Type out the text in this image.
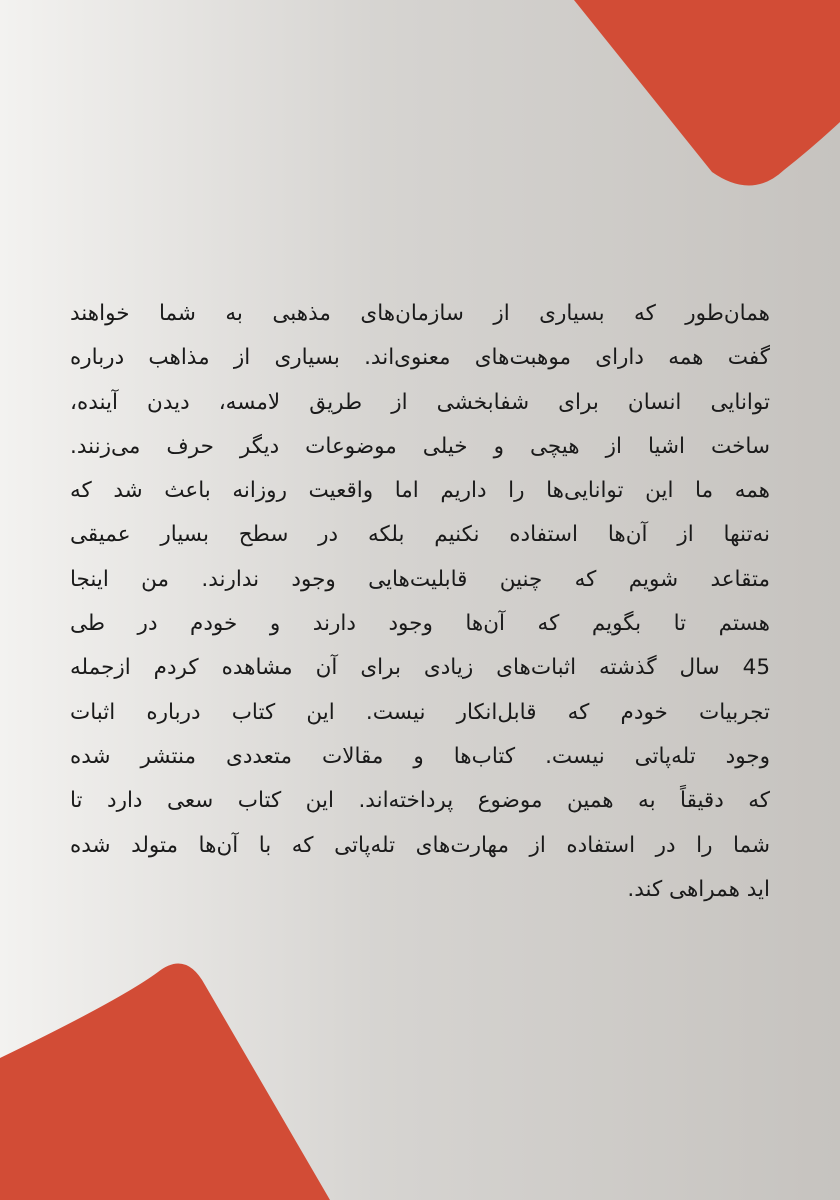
همان‌طور که بسیاری از سازمان‌های مذهبی به شما خواهند
گفت همه دارای موهبت‌های معنوی‌اند. بسیاری از مذاهب درباره
توانایی انسان برای شفابخشی از طریق لامسه، دیدن آینده،
ساخت اشیا از هیچی و خیلی موضوعات دیگر حرف می‌زنند.
همه ما این توانایی‌ها را داریم اما واقعیت روزانه باعث شد که
نه‌تنها از آن‌ها استفاده نکنیم بلکه در سطح بسیار عمیقی
متقاعد شویم که چنین قابلیت‌هایی وجود ندارند. من اینجا
هستم تا بگویم که آن‌ها وجود دارند و خودم در طی
45 سال گذشته اثبات‌های زیادی برای آن مشاهده کردم ازجمله
تجربیات خودم که قابل‌انکار نیست. این کتاب درباره اثبات
وجود تله‌پاتی نیست. کتاب‌ها و مقالات متعددی منتشر شده
که دقیقاً به همین موضوع پرداخته‌اند. این کتاب سعی دارد تا
شما را در استفاده از مهارت‌های تله‌پاتی که با آن‌ها متولد شده
اید همراهی کند.
